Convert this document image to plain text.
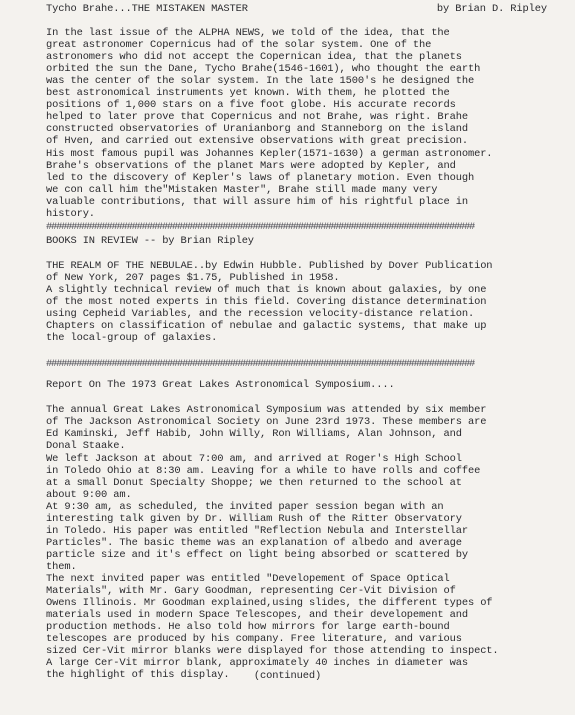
Tycho Brahe...THE MISTAKEN MASTER	by Brian D. Ripley

In the last issue of the ALPHA NEWS, we told of the idea, that the
great astronomer Copernicus had of the solar system. One of the
astronomers who did not accept the Copernican idea, that the planets
orbited the sun the Dane, Tycho Brahe(1546-1601), who thought the earth
was the center of the solar system. In the late 1500's he designed the
best astronomical instruments yet known. With them, he plotted the
positions of 1,000 stars on a five foot globe. His accurate records
helped to later prove that Copernicus and not Brahe, was right. Brahe
constructed observatories of Uranianborg and Stanneborg on the island
of Hven, and carried out extensive observations with great precision.
His most famous pupil was Johannes Kepler(1571-1630) a german astronomer.
Brahe's observations of the planet Mars were adopted by Kepler, and
led to the discovery of Kepler's laws of planetary motion. Even though
we con call him the"Mistaken Master", Brahe still made many very
valuable contributions, that will assure him of his rightful place in
history.

#####################################################################################

BOOKS IN REVIEW -- by Brian Ripley

THE REALM OF THE NEBULAE..by Edwin Hubble. Published by Dover Publication
of New York, 207 pages $1.75, Published in 1958.
A slightly technical review of much that is known about galaxies, by one
of the most noted experts in this field. Covering distance determination
using Cepheid Variables, and the recession velocity-distance relation.
Chapters on classification of nebulae and galactic systems, that make up
the local-group of galaxies.

#####################################################################################

Report On The 1973 Great Lakes Astronomical Symposium....

The annual Great Lakes Astronomical Symposium was attended by six member
of The Jackson Astronomical Society on June 23rd 1973. These members are
Ed Kaminski, Jeff Habib, John Willy, Ron Williams, Alan Johnson, and
Donal Staake.
We left Jackson at about 7:00 am, and arrived at Roger's High School
in Toledo Ohio at 8:30 am. Leaving for a while to have rolls and coffee
at a small Donut Specialty Shoppe; we then returned to the school at
about 9:00 am.
At 9:30 am, as scheduled, the invited paper session began with an
interesting talk given by Dr. William Rush of the Ritter Observatory
in Toledo. His paper was entitled "Reflection Nebula and Interstellar
Particles". The basic theme was an explanation of albedo and average
particle size and it's effect on light being absorbed or scattered by
them.
The next invited paper was entitled "Developement of Space Optical
Materials", with Mr. Gary Goodman, representing Cer-Vit Division of
Owens Illinois. Mr Goodman explained,using slides, the different types of
materials used in modern Space Telescopes, and their developement and
production methods. He also told how mirrors for large earth-bound
telescopes are produced by his company. Free literature, and various
sized Cer-Vit mirror blanks were displayed for those attending to inspect.
A large Cer-Vit mirror blank, approximately 40 inches in diameter was
the highlight of this display.	(continued)
